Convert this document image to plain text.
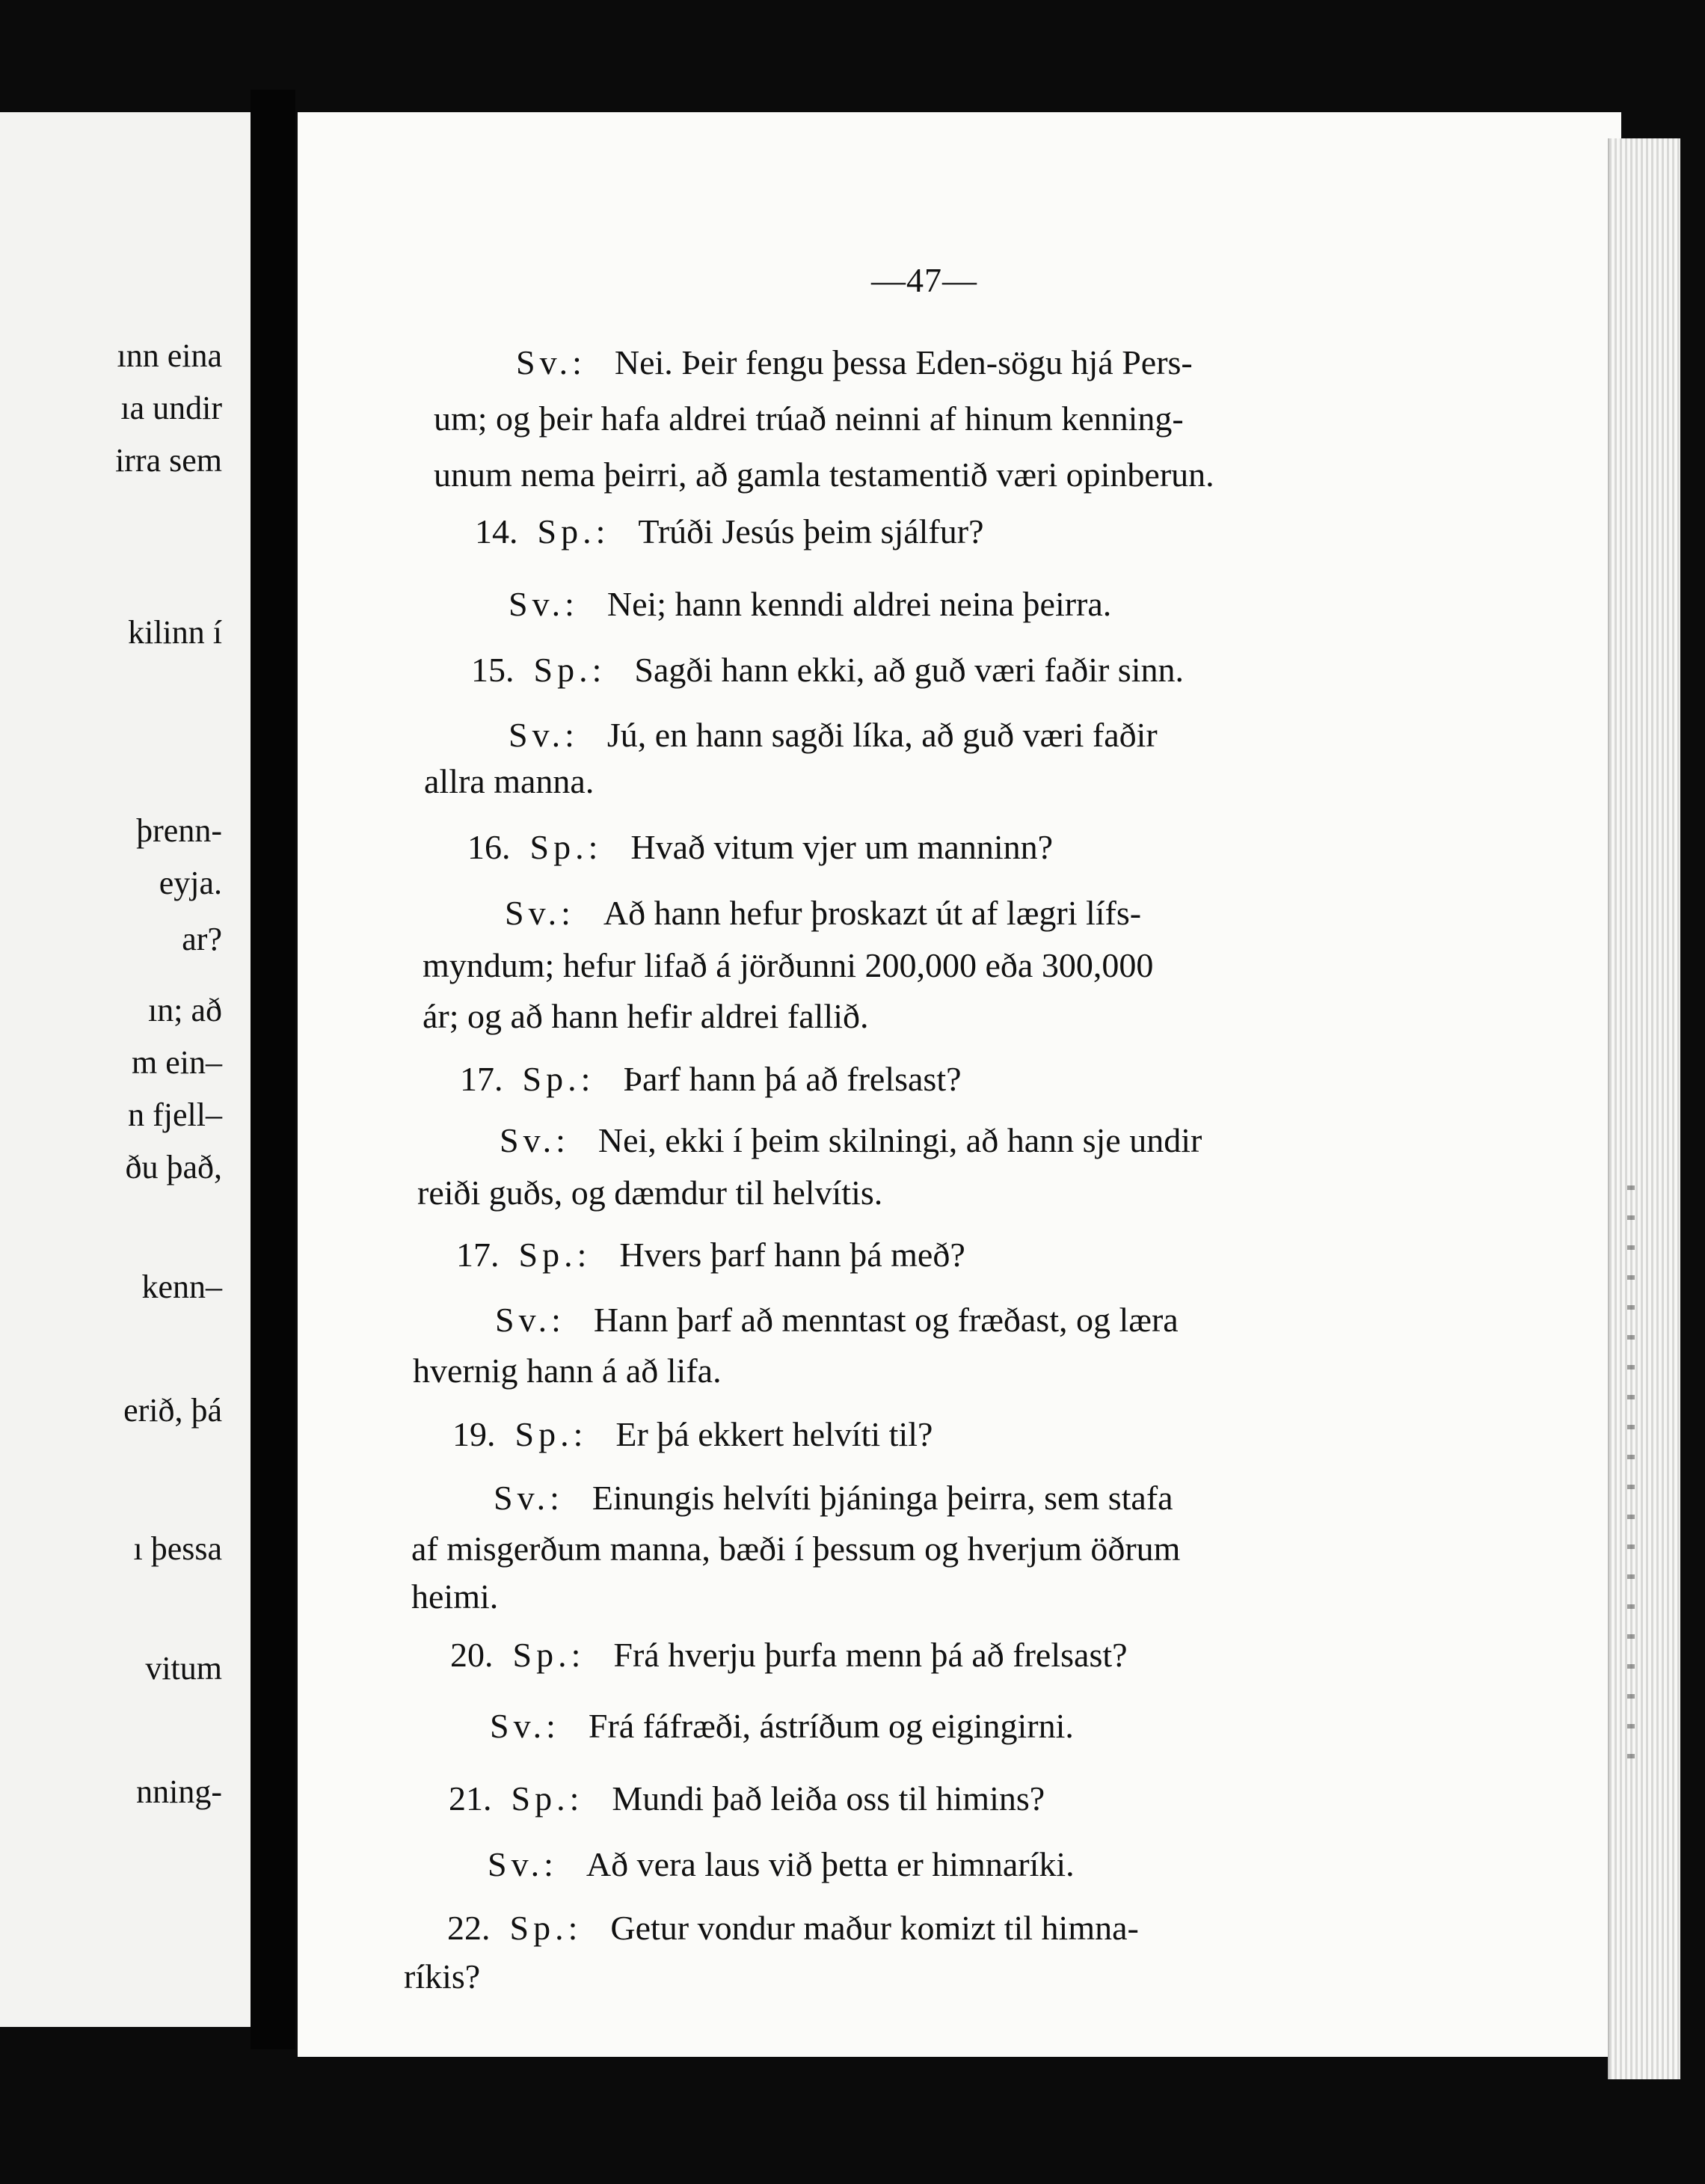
ınn eina
ıa undir
irra sem
kilinn í
þrenn-
eyja.
ar?
ın; að
m ein–
n fjell–
ðu það,
kenn–
erið, þá
ı þessa
vitum
nning-
—47—
Sv.: Nei. Þeir fengu þessa Eden-sögu hjá Pers-
um; og þeir hafa aldrei trúað neinni af hinum kenning-
unum nema þeirri, að gamla testamentið væri opinberun.
14. Sp.: Trúði Jesús þeim sjálfur?
Sv.: Nei; hann kenndi aldrei neina þeirra.
15. Sp.: Sagði hann ekki, að guð væri faðir sinn.
Sv.: Jú, en hann sagði líka, að guð væri faðir
allra manna.
16. Sp.: Hvað vitum vjer um manninn?
Sv.: Að hann hefur þroskazt út af lægri lífs-
myndum; hefur lifað á jörðunni 200,000 eða 300,000
ár; og að hann hefir aldrei fallið.
17. Sp.: Þarf hann þá að frelsast?
Sv.: Nei, ekki í þeim skilningi, að hann sje undir
reiði guðs, og dæmdur til helvítis.
17. Sp.: Hvers þarf hann þá með?
Sv.: Hann þarf að menntast og fræðast, og læra
hvernig hann á að lifa.
19. Sp.: Er þá ekkert helvíti til?
Sv.: Einungis helvíti þjáninga þeirra, sem stafa
af misgerðum manna, bæði í þessum og hverjum öðrum
heimi.
20. Sp.: Frá hverju þurfa menn þá að frelsast?
Sv.: Frá fáfræði, ástríðum og eigingirni.
21. Sp.: Mundi það leiða oss til himins?
Sv.: Að vera laus við þetta er himnaríki.
22. Sp.: Getur vondur maður komizt til himna-
ríkis?
